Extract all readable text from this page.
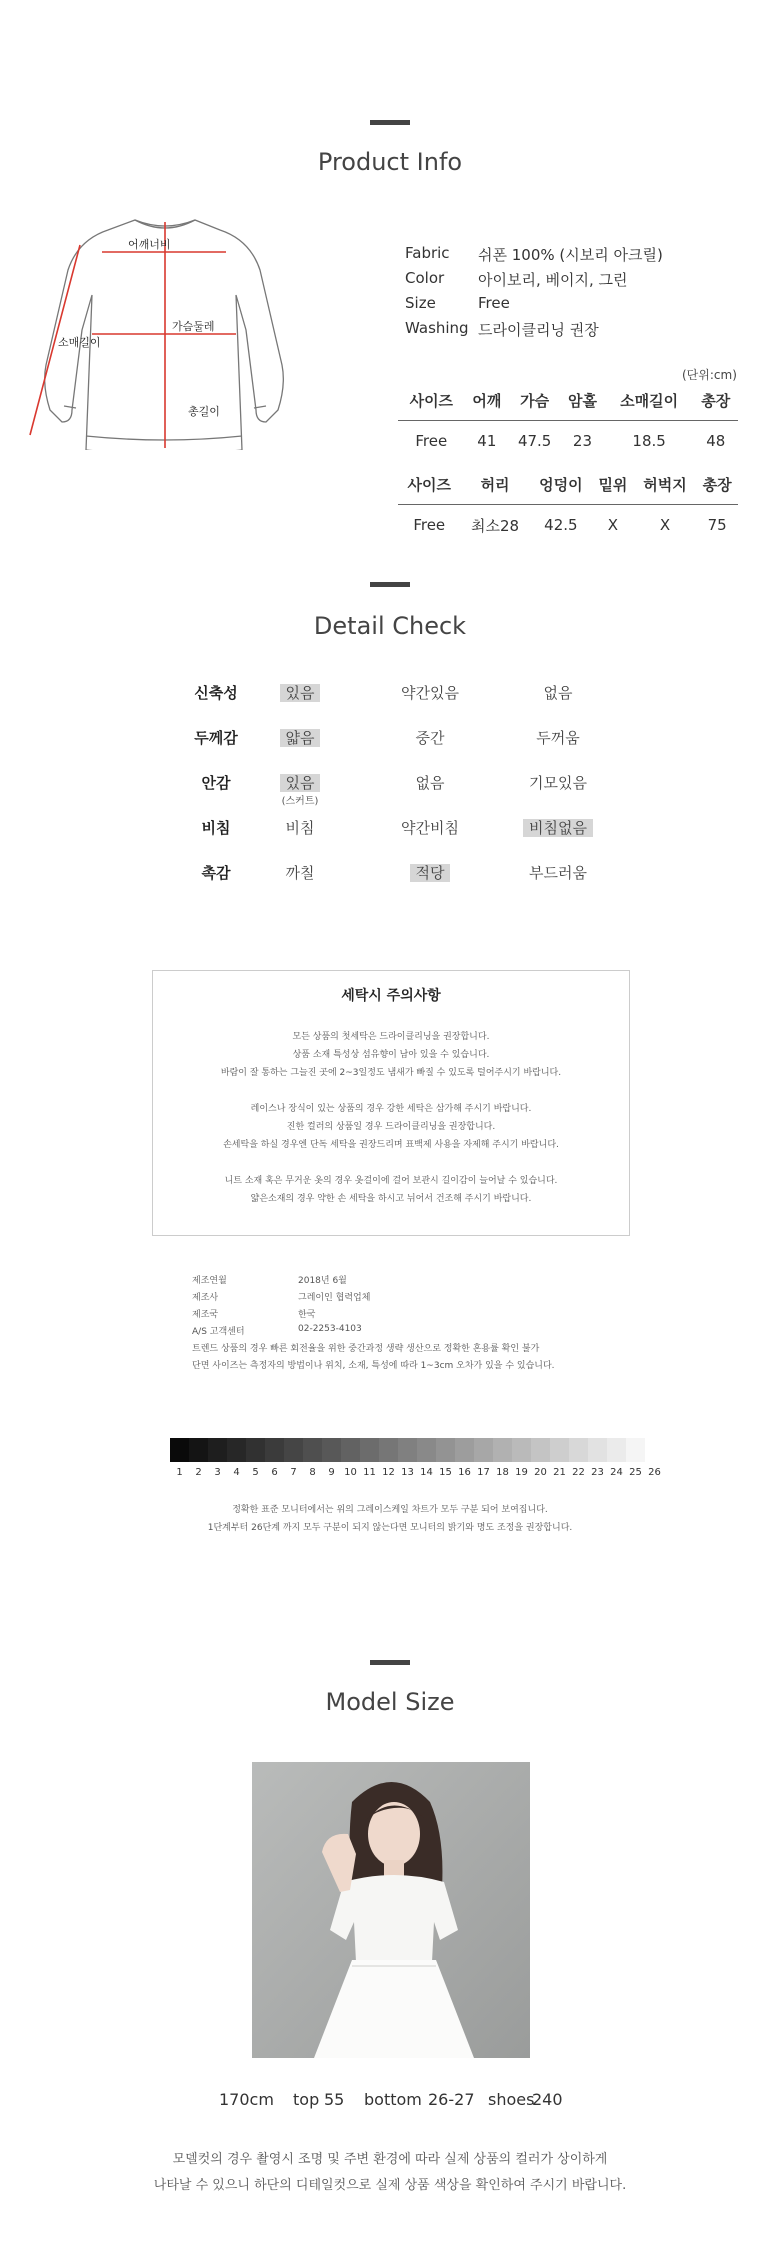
Product Info
어깨너비
가슴둘레
소매길이
총길이
Fabric 쉬폰 100% (시보리 아크릴)
Color 아이보리, 베이지, 그린
Size	Free
Washing 드라이클리닝 권장
(단위:cm)
사이즈	어깨	가슴	암홀	소매길이	총장
Free	41	47.5	23	18.5	48
사이즈	허리	엉덩이	밑위	허벅지	총장
Free	최소28	42.5	X	X	75
Detail Check
신축성	있음	약간있음	없음
두께감	얇음	중간	두꺼움
안감	있음	없음	기모있음
(스커트)
비침	비침	약간비침	비침없음
촉감	까칠	적당	부드러움
세탁시 주의사항
모든 상품의 첫세탁은 드라이클리닝을 권장합니다.
상품 소재 특성상 섬유향이 남아 있을 수 있습니다.
바람이 잘 통하는 그늘진 곳에 2~3일정도 냄새가 빠질 수 있도록 털어주시기 바랍니다.
레이스나 장식이 있는 상품의 경우 강한 세탁은 삼가해 주시기 바랍니다.
진한 컬러의 상품일 경우 드라이클리닝을 권장합니다.
손세탁을 하실 경우엔 단독 세탁을 권장드리며 표백제 사용을 자제해 주시기 바랍니다.
니트 소재 혹은 무거운 옷의 경우 옷걸이에 걸어 보관시 길이감이 늘어날 수 있습니다.
얇은소재의 경우 약한 손 세탁을 하시고 뉘어서 건조해 주시기 바랍니다.
제조연월	2018년 6월
제조사	그레이인 협력업체
제조국	한국
A/S 고객센터	02-2253-4103
트렌드 상품의 경우 빠른 회전율을 위한 중간과정 생략 생산으로 정확한 혼용률 확인 불가
단면 사이즈는 측정자의 방법이나 위치, 소재, 특성에 따라 1~3cm 오차가 있을 수 있습니다.
1	2	3	4	5	6	7	8	9 10 11 12 13 14 15 16 17 18 19 20 21 22 23 24 25 26
정확한 표준 모니터에서는 위의 그레이스케일 차트가 모두 구분 되어 보여집니다.
1단계부터 26단계 까지 모두 구분이 되지 않는다면 모니터의 밝기와 명도 조정을 권장합니다.
Model Size
170cm top 55 bottom 26-27 shoes
240
모델컷의 경우 촬영시 조명 및 주변 환경에 따라 실제 상품의 컬러가 상이하게
나타날 수 있으니 하단의 디테일컷으로 실제 상품 색상을 확인하여 주시기 바랍니다.
